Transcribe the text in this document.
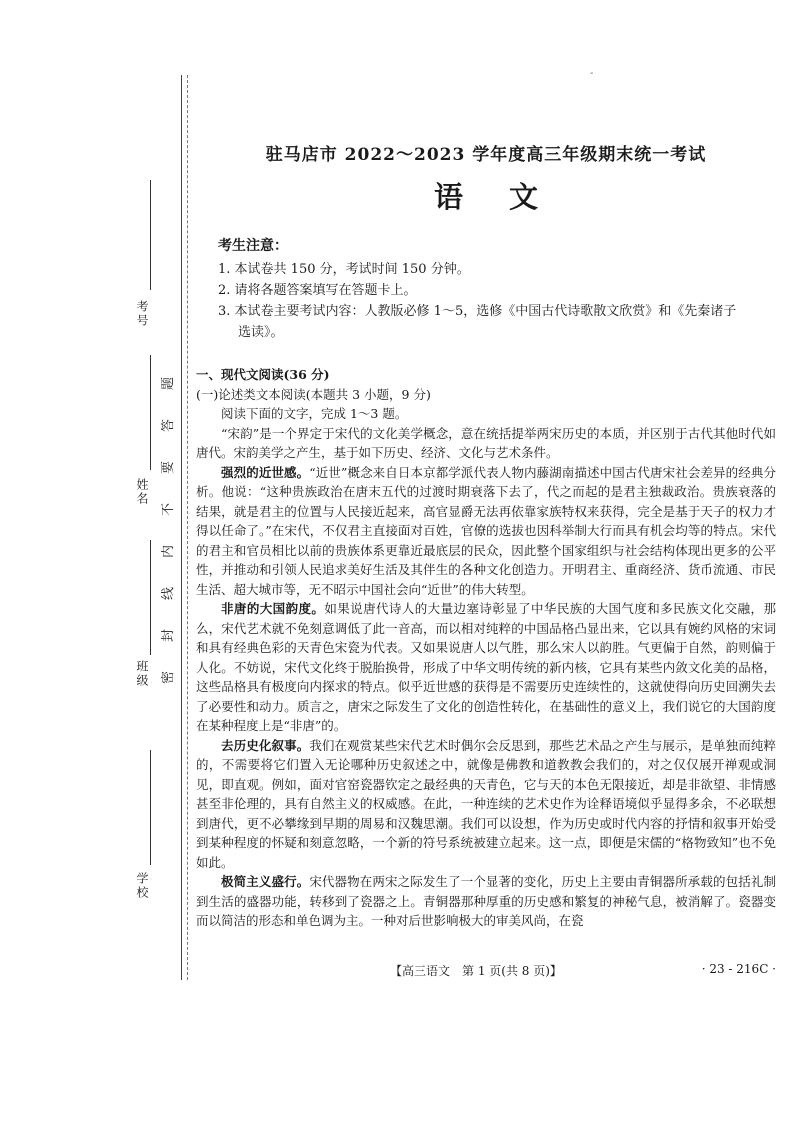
考号
姓名
班级
学校
密
封
线
内
不
要
答
题
-
驻马店市 2022～2023 学年度高三年级期末统一考试
语文
考生注意：
1. 本试卷共 150 分，考试时间 150 分钟。
2. 请将各题答案填写在答题卡上。
3. 本试卷主要考试内容：人教版必修 1～5，选修《中国古代诗歌散文欣赏》和《先秦诸子
选读》。
一、现代文阅读(36 分)
(一)论述类文本阅读(本题共 3 小题，9 分)

阅读下面的文字，完成 1～3 题。

“宋韵”是一个界定于宋代的文化美学概念，意在统括提举两宋历史的本质，并区别于古代其他时代如唐代。宋韵美学之产生，基于如下历史、经济、文化与艺术条件。

强烈的近世感。“近世”概念来自日本京都学派代表人物内藤湖南描述中国古代唐宋社会差异的经典分析。他说：“这种贵族政治在唐末五代的过渡时期衰落下去了，代之而起的是君主独裁政治。贵族衰落的结果，就是君主的位置与人民接近起来，高官显爵无法再依靠家族特权来获得，完全是基于天子的权力才得以任命了。”在宋代，不仅君主直接面对百姓，官僚的选拔也因科举制大行而具有机会均等的特点。宋代的君主和官员相比以前的贵族体系更靠近最底层的民众，因此整个国家组织与社会结构体现出更多的公平性，并推动和引领人民追求美好生活及其伴生的各种文化创造力。开明君主、重商经济、货币流通、市民生活、超大城市等，无不昭示中国社会向“近世”的伟大转型。

非唐的大国韵度。如果说唐代诗人的大量边塞诗彰显了中华民族的大国气度和多民族文化交融，那么，宋代艺术就不免刻意调低了此一音高，而以相对纯粹的中国品格凸显出来，它以具有婉约风格的宋词和具有经典色彩的天青色宋瓷为代表。又如果说唐人以气胜，那么宋人以韵胜。气更偏于自然，韵则偏于人化。不妨说，宋代文化终于脱胎换骨，形成了中华文明传统的新内核，它具有某些内敛文化美的品格，这些品格具有极度向内探求的特点。似乎近世感的获得是不需要历史连续性的，这就使得向历史回溯失去了必要性和动力。质言之，唐宋之际发生了文化的创造性转化，在基础性的意义上，我们说它的大国韵度在某种程度上是“非唐”的。

去历史化叙事。我们在观赏某些宋代艺术时偶尔会反思到，那些艺术品之产生与展示，是单独而纯粹的，不需要将它们置入无论哪种历史叙述之中，就像是佛教和道教教会我们的，对之仅仅展开禅观或洞见，即直观。例如，面对官窑瓷器钦定之最经典的天青色，它与天的本色无限接近，却是非欲望、非情感甚至非伦理的，具有自然主义的权威感。在此，一种连续的艺术史作为诠释语境似乎显得多余，不必联想到唐代，更不必攀缘到早期的周易和汉魏思潮。我们可以设想，作为历史或时代内容的抒情和叙事开始受到某种程度的怀疑和刻意忽略，一个新的符号系统被建立起来。这一点，即便是宋儒的“格物致知”也不免如此。

极简主义盛行。宋代器物在两宋之际发生了一个显著的变化，历史上主要由青铜器所承载的包括礼制到生活的盛器功能，转移到了瓷器之上。青铜器那种厚重的历史感和繁复的神秘气息，被消解了。瓷器变而以简洁的形态和单色调为主。一种对后世影响极大的审美风尚，在瓷

【高三语文　第 1 页(共 8 页)】	· 23 - 216C ·
